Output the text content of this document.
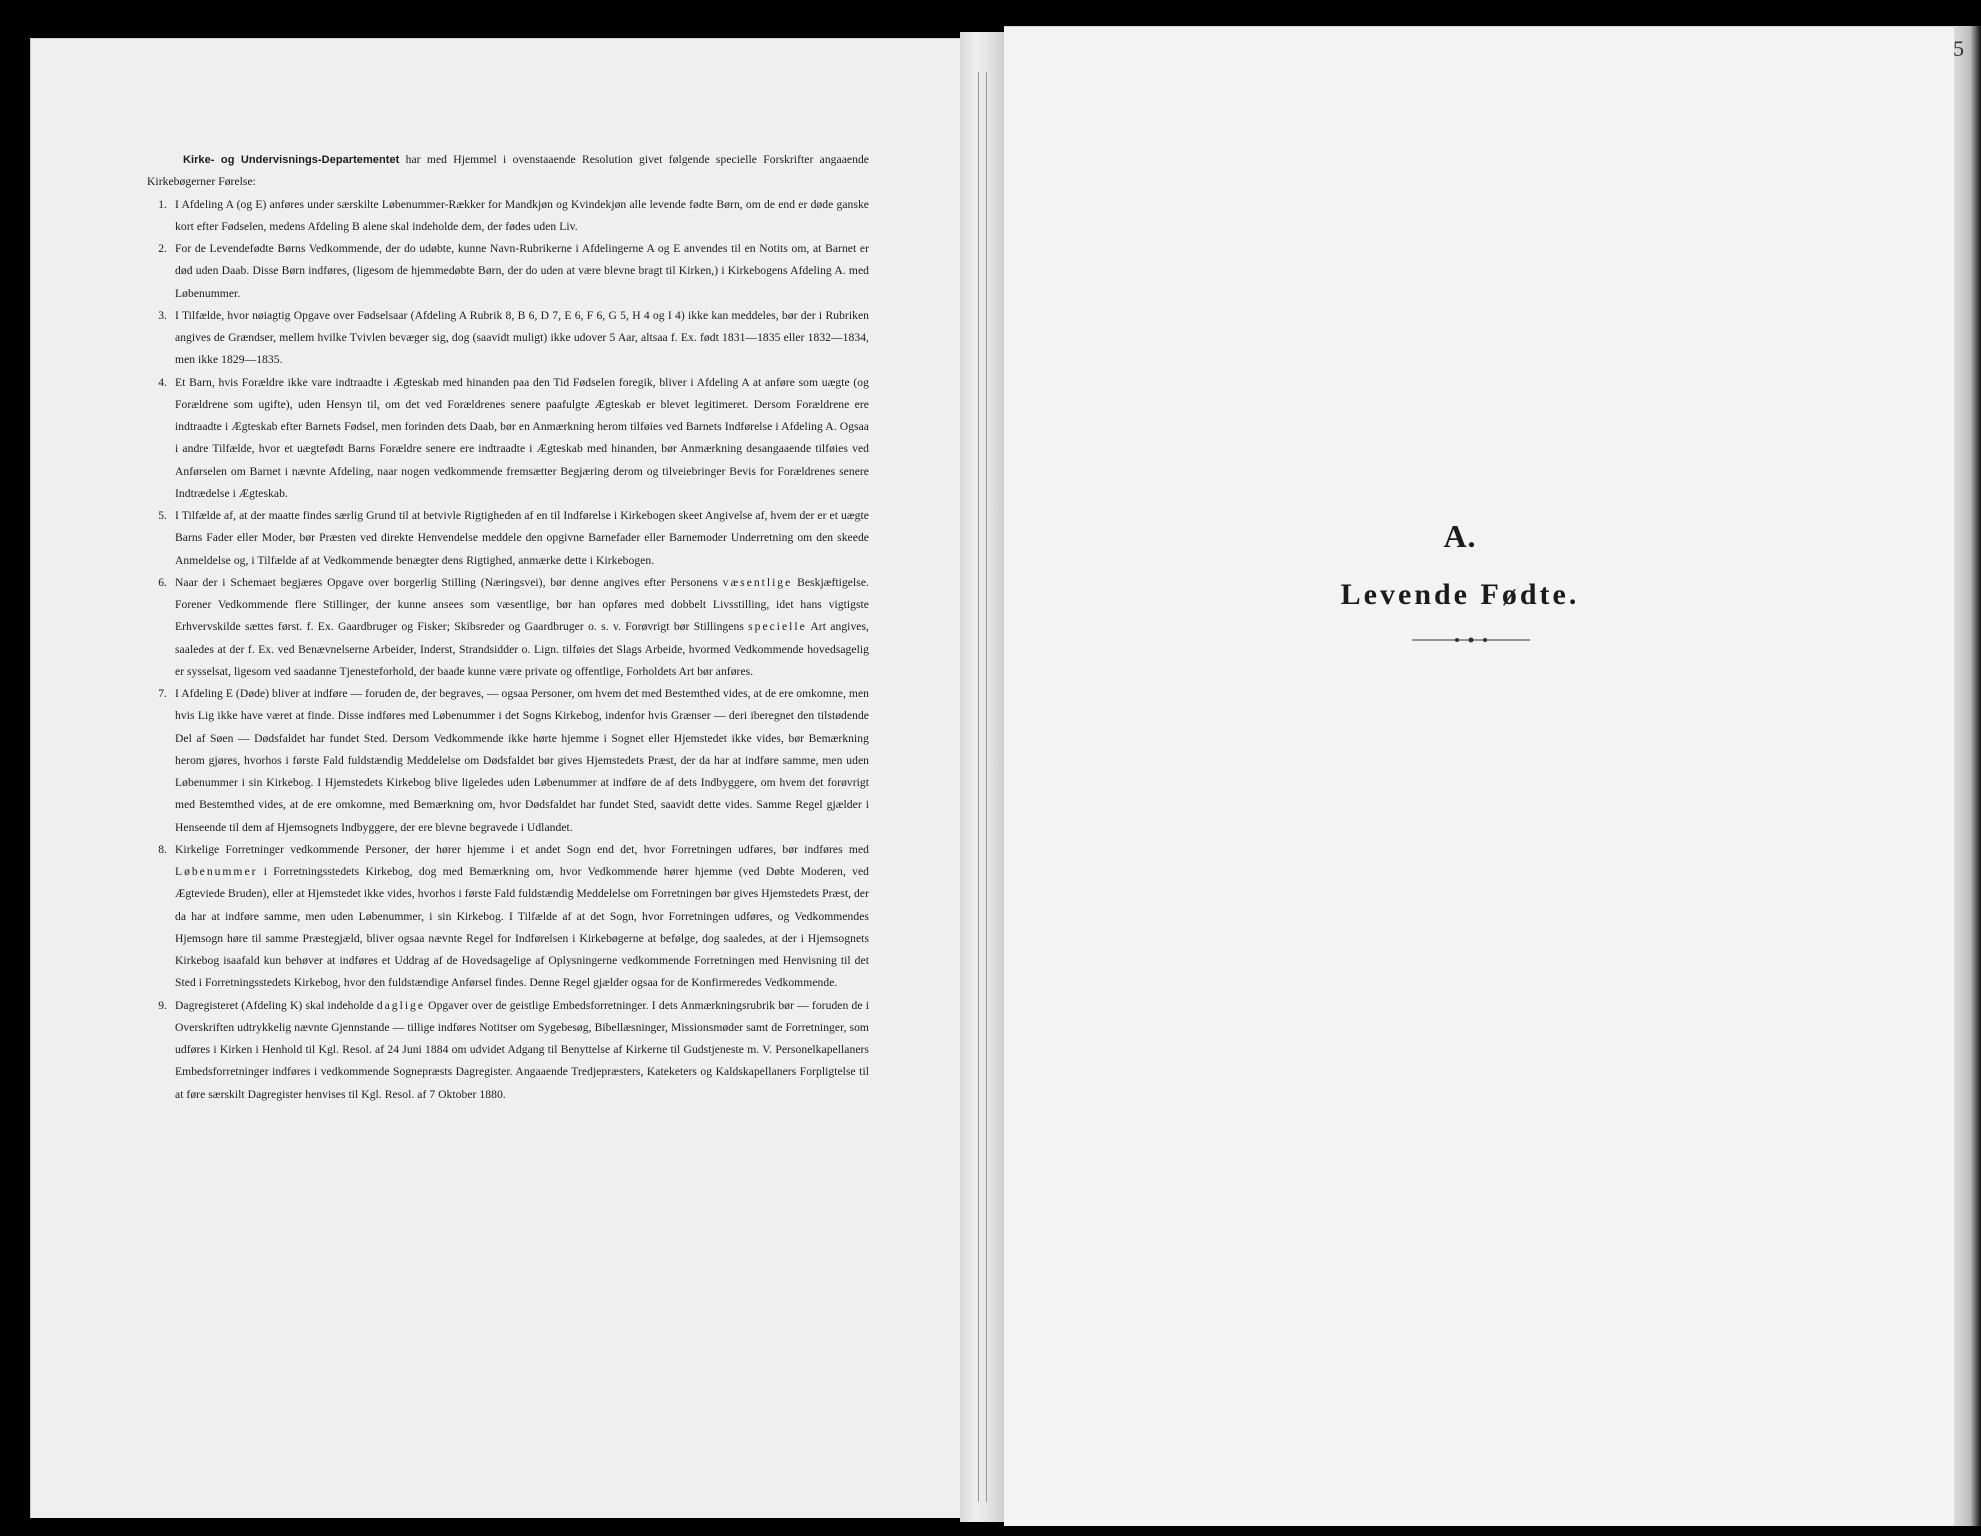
Kirke- og Undervisnings-Departementet har med Hjemmel i ovenstaaende Resolution givet følgende specielle Forskrifter angaaende Kirkebøgerner Førelse:

1. I Afdeling A (og E) anføres under særskilte Løbenummer-Rækker for Mandkjøn og Kvindekjøn alle levende fødte Børn, om de end er døde ganske kort efter Fødselen, medens Afdeling B alene skal indeholde dem, der fødes uden Liv.
2. For de Levendefødte Børns Vedkommende, der do udøbte, kunne Navn-Rubrikerne i Afdelingerne A og E anvendes til en Notits om, at Barnet er død uden Daab. Disse Børn indføres, (ligesom de hjemmedøbte Børn, der do uden at være blevne bragt til Kirken,) i Kirkebogens Afdeling A. med Løbenummer.
3. I Tilfælde, hvor nøiagtig Opgave over Fødselsaar (Afdeling A Rubrik 8, B 6, D 7, E 6, F 6, G 5, H 4 og I 4) ikke kan meddeles, bør der i Rubriken angives de Grændser, mellem hvilke Tvivlen bevæger sig, dog (saavidt muligt) ikke udover 5 Aar, altsaa f. Ex. født 1831—1835 eller 1832—1834, men ikke 1829—1835.
4. Et Barn, hvis Forældre ikke vare indtraadte i Ægteskab med hinanden paa den Tid Fødselen foregik, bliver i Afdeling A at anføre som uægte (og Forældrene som ugifte), uden Hensyn til, om det ved Forældrenes senere paafulgte Ægteskab er blevet legitimeret. Dersom Forældrene ere indtraadte i Ægteskab efter Barnets Fødsel, men forinden dets Daab, bør en Anmærkning herom tilføies ved Barnets Indførelse i Afdeling A. Ogsaa i andre Tilfælde, hvor et uægtefødt Barns Forældre senere ere indtraadte i Ægteskab med hinanden, bør Anmærkning desangaaende tilføies ved Anførselen om Barnet i nævnte Afdeling, naar nogen vedkommende fremsætter Begjæring derom og tilveiebringer Bevis for Forældrenes senere Indtrædelse i Ægteskab.
5. I Tilfælde af, at der maatte findes særlig Grund til at betvivle Rigtigheden af en til Indførelse i Kirkebogen skeet Angivelse af, hvem der er et uægte Barns Fader eller Moder, bør Præsten ved direkte Henvendelse meddele den opgivne Barnefader eller Barnemoder Underretning om den skeede Anmeldelse og, i Tilfælde af at Vedkommende benægter dens Rigtighed, anmærke dette i Kirkebogen.
6. Naar der i Schemaet begjæres Opgave over borgerlig Stilling (Næringsvei), bør denne angives efter Personens væsentlige Beskjæftigelse. Forener Vedkommende flere Stillinger, der kunne ansees som væsentlige, bør han opføres med dobbelt Livsstilling, idet hans vigtigste Erhvervskilde sættes først. f. Ex. Gaardbruger og Fisker; Skibsreder og Gaardbruger o. s. v. Forøvrigt bør Stillingens specielle Art angives, saaledes at der f. Ex. ved Benævnelserne Arbeider, Inderst, Strandsidder o. Lign. tilføies det Slags Arbeide, hvormed Vedkommende hovedsagelig er sysselsat, ligesom ved saadanne Tjenesteforhold, der baade kunne være private og offentlige, Forholdets Art bør anføres.
7. I Afdeling E (Døde) bliver at indføre — foruden de, der begraves, — ogsaa Personer, om hvem det med Bestemthed vides, at de ere omkomne, men hvis Lig ikke have været at finde. Disse indføres med Løbenummer i det Sogns Kirkebog, indenfor hvis Grænser — deri iberegnet den tilstødende Del af Søen — Dødsfaldet har fundet Sted. Dersom Vedkommende ikke hørte hjemme i Sognet eller Hjemstedet ikke vides, bør Bemærkning herom gjøres, hvorhos i første Fald fuldstændig Meddelelse om Dødsfaldet bør gives Hjemstedets Præst, der da har at indføre samme, men uden Løbenummer i sin Kirkebog. I Hjemstedets Kirkebog blive ligeledes uden Løbenummer at indføre de af dets Indbyggere, om hvem det forøvrigt med Bestemthed vides, at de ere omkomne, med Bemærkning om, hvor Dødsfaldet har fundet Sted, saavidt dette vides. Samme Regel gjælder i Henseende til dem af Hjemsognets Indbyggere, der ere blevne begravede i Udlandet.
8. Kirkelige Forretninger vedkommende Personer, der hører hjemme i et andet Sogn end det, hvor Forretningen udføres, bør indføres med Løbenummer i Forretningsstedets Kirkebog, dog med Bemærkning om, hvor Vedkommende hører hjemme (ved Døbte Moderen, ved Ægteviede Bruden), eller at Hjemstedet ikke vides, hvorhos i første Fald fuldstændig Meddelelse om Forretningen bør gives Hjemstedets Præst, der da har at indføre samme, men uden Løbenummer, i sin Kirkebog. I Tilfælde af at det Sogn, hvor Forretningen udføres, og Vedkommendes Hjemsogn høre til samme Præstegjæld, bliver ogsaa nævnte Regel for Indførelsen i Kirkebøgerne at befølge, dog saaledes, at der i Hjemsognets Kirkebog isaafald kun behøver at indføres et Uddrag af de Hovedsagelige af Oplysningerne vedkommende Forretningen med Henvisning til det Sted i Forretningsstedets Kirkebog, hvor den fuldstændige Anførsel findes. Denne Regel gjælder ogsaa for de Konfirmeredes Vedkommende.
9. Dagregisteret (Afdeling K) skal indeholde daglige Opgaver over de geistlige Embedsforretninger. I dets Anmærkningsrubrik bør — foruden de i Overskriften udtrykkelig nævnte Gjennstande — tillige indføres Notitser om Sygebesøg, Bibellæsninger, Missionsmøder samt de Forretninger, som udføres i Kirken i Henhold til Kgl. Resol. af 24 Juni 1884 om udvidet Adgang til Benyttelse af Kirkerne til Gudstjeneste m. V. Personelkapellaners Embedsforretninger indføres i vedkommende Sognepræsts Dagregister. Angaaende Tredjepræsters, Kateketers og Kaldskapellaners Forpligtelse til at føre særskilt Dagregister henvises til Kgl. Resol. af 7 Oktober 1880.
A.
Levende Fødte.
5
